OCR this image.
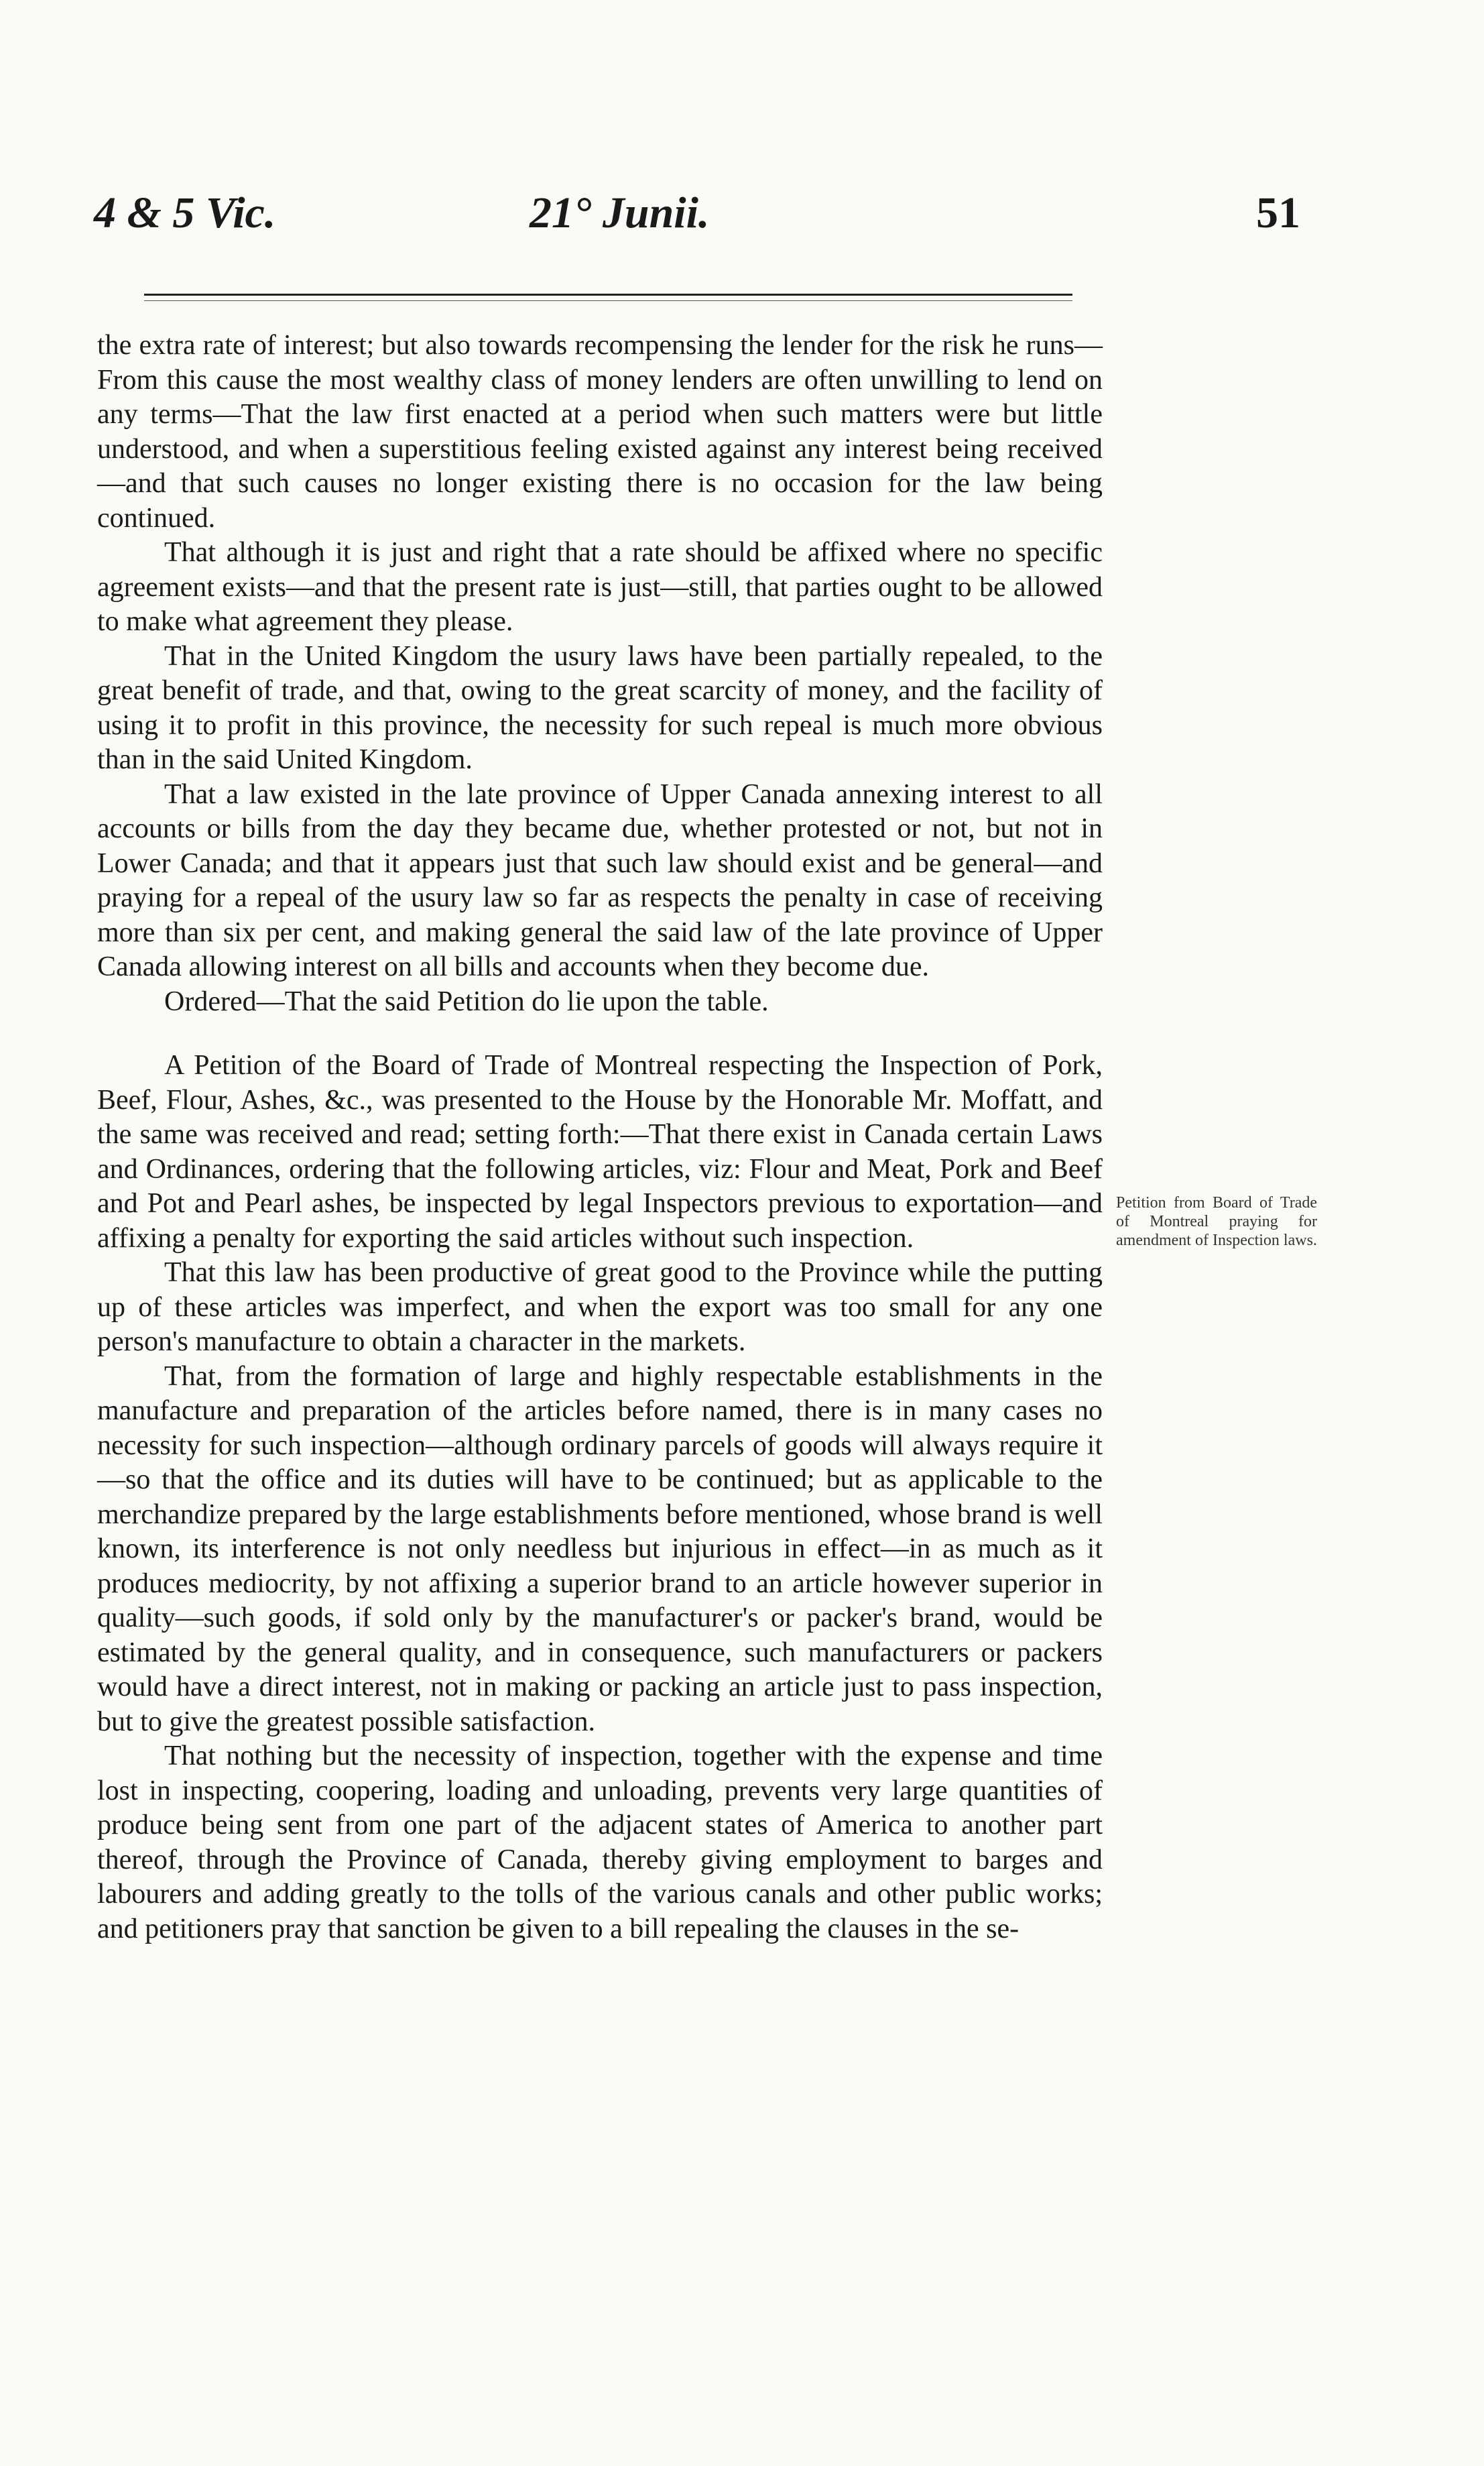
4 & 5 Vic.	21° Junii.	51

the extra rate of interest; but also towards recompensing the lender for the risk he runs—From this cause the most wealthy class of money lenders are often unwilling to lend on any terms—That the law first enacted at a period when such matters were but little understood, and when a superstitious feeling existed against any interest being received—and that such causes no longer existing there is no occasion for the law being continued.

That although it is just and right that a rate should be affixed where no specific agreement exists—and that the present rate is just—still, that parties ought to be allowed to make what agreement they please.

That in the United Kingdom the usury laws have been partially repealed, to the great benefit of trade, and that, owing to the great scarcity of money, and the facility of using it to profit in this province, the necessity for such repeal is much more obvious than in the said United Kingdom.

That a law existed in the late province of Upper Canada annexing interest to all accounts or bills from the day they became due, whether protested or not, but not in Lower Canada; and that it appears just that such law should exist and be general—and praying for a repeal of the usury law so far as respects the penalty in case of receiving more than six per cent, and making general the said law of the late province of Upper Canada allowing interest on all bills and accounts when they become due.

Ordered—That the said Petition do lie upon the table.

A Petition of the Board of Trade of Montreal respecting the Inspection of Pork, Beef, Flour, Ashes, &c., was presented to the House by the Honorable Mr. Moffatt, and the same was received and read; setting forth:—That there exist in Canada certain Laws and Ordinances, ordering that the following articles, viz: Flour and Meat, Pork and Beef and Pot and Pearl ashes, be inspected by legal Inspectors previous to exportation—and affixing a penalty for exporting the said articles without such inspection.

That this law has been productive of great good to the Province while the putting up of these articles was imperfect, and when the export was too small for any one person's manufacture to obtain a character in the markets.

That, from the formation of large and highly respectable establishments in the manufacture and preparation of the articles before named, there is in many cases no necessity for such inspection—although ordinary parcels of goods will always require it—so that the office and its duties will have to be continued; but as applicable to the merchandize prepared by the large establishments before mentioned, whose brand is well known, its interference is not only needless but injurious in effect—in as much as it produces mediocrity, by not affixing a superior brand to an article however superior in quality—such goods, if sold only by the manufacturer's or packer's brand, would be estimated by the general quality, and in consequence, such manufacturers or packers would have a direct interest, not in making or packing an article just to pass inspection, but to give the greatest possible satisfaction.

That nothing but the necessity of inspection, together with the expense and time lost in inspecting, coopering, loading and unloading, prevents very large quantities of produce being sent from one part of the adjacent states of America to another part thereof, through the Province of Canada, thereby giving employment to barges and labourers and adding greatly to the tolls of the various canals and other public works; and petitioners pray that sanction be given to a bill repealing the clauses in the se-

Petition from Board of Trade of Montreal praying for amendment of Inspection laws.
